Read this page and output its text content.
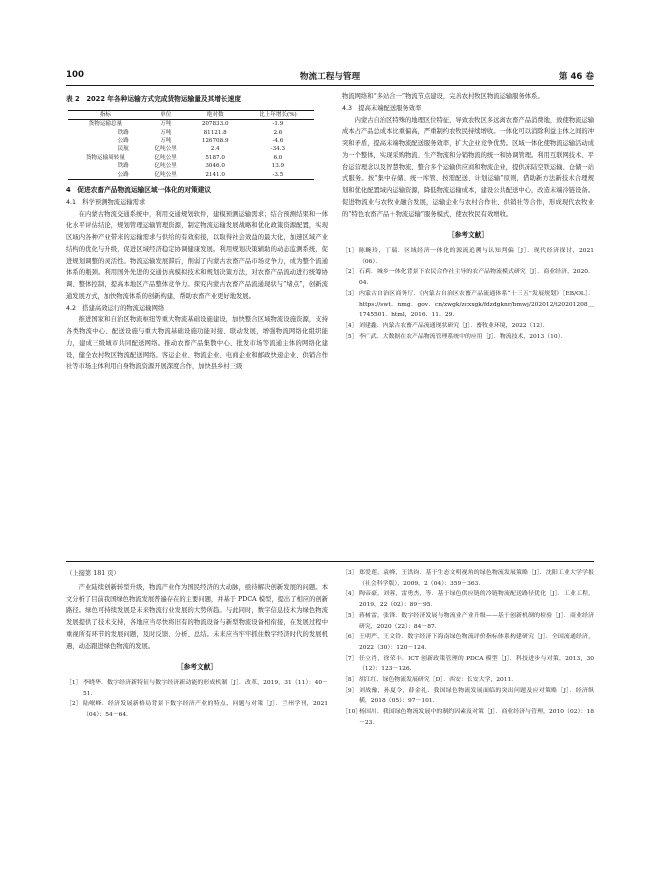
100	物流工程与管理	第 46 卷
表 2　2022 年各种运输方式完成货物运输量及其增长速度
指标	单位	绝对数	比上年增长(%)
货物运输总量	万吨	207833.0	-1.9
铁路	万吨	81121.8	2.6
公路	万吨	126708.9	-4.6
民航	亿吨公里	2.4	-34.3
货物运输周转量	亿吨公里	5187.0	6.0
铁路	亿吨公里	3046.0	13.9
公路	亿吨公里	2141.0	-3.5
4　促进农畜产品物流运输区域一体化的对策建议
4.1　科学预测物流运输需求

在内蒙古物流交通系统中，利用交通规划软件，建模预测运输需求；结合预测结果和一体化水平评估结论，规划管理运输管理资源，制定物流运输发展战略和优化政策资源配置，实现区域内各种产业带来的运输需求与供给的有效衔接，以取得社会效益的最大化，加速区域产业结构的优化与升级，促进区域经济稳定协调健康发展。利用规划决策辅助的动态监测系统，促进规划调整的灵活性。物流运输发展滞后，削弱了内蒙古农畜产品市场竞争力，成为整个流通体系的瓶颈。利用国外先进的交通仿真模拟技术和规划决策方法，对农畜产品流动进行统筹协调、整体控制，提高本地区产品整体竞争力。探究内蒙古农畜产品流通现状与“堵点”，创新流通发展方式，加快物流体系的创新构建，帮助农畜产业更好地发展。

4.2　搭建高效运行的物流运输网络

推进国家和自治区物流枢纽等重大物流基础设施建设，加快整合区域物流设施资源，支持各类物流中心、配送设施与重大物流基础设施功能对接、联动发展，增强物流网络化组织能力，建成三级城市共同配送网络。推动农畜产品集散中心、批发市场等流通主体的网络化建设，健全农村牧区物流配送网络。客运企业、物流企业、电商企业和邮政快递企业、供销合作社等市场主体利用自身物流资源开展深度合作，加快县乡村三级

物流网络和“多站合一”物流节点建设，完善农村牧区物流运输服务体系。

4.3　提高末端配送服务效率

内蒙古自治区特殊的地理区位特征，导致农牧区多远离农畜产品消费地，致使物流运输成本占产品总成本比重偏高，严重制约农牧民持续增收。一体化可以消除利益主体之间的冲突和矛盾，提高末端物流配送服务效率，扩大企业竞争优势。区域一体化使物流运输活动成为一个整体，实现采购物流、生产物流和分销物流的统一和协调管理。利用互联网技术、平台运营理念以及智慧物流，整合多个运输供应商和物流企业，提供冻陆空铁运输、仓储一站式服务。按“集中存储、统一库管、按需配送、计划运输”原则，借助新方法新技术合理规划和优化配置域内运输资源，降低物流运输成本，建设公共配送中心，改造末端冷链设备。促进物流业与农牧业融合发展，运输企业与农村合作社、供销社等合作，形成现代农牧业的“特色农畜产品＋物流运输”服务模式，使农牧民有效增收。

［参考文献］
［1］ 陈畹玲，丁瑞．区域经济一体化的源流追溯与认知判偏［J］．现代经济探讨，2021（06）．
［2］ 石莉．城乡一体化背景下农民合作社主导的农产品物流模式研究［J］．商业经济，2020．04．
［3］ 内蒙古自治区商务厅．《内蒙古自治区农畜产品流通体系“十三五”发展规划》［EB/OL］．https://swt．nmg．gov．cn/zwgk/zcxxgk/fdzdgknr/bmwj/202012/t20201208＿1745501．html，2016．11．29．
［4］ 刘建鑫．内蒙古农畜产品流通现状研究［J］．畜牧业环境，2022（12）．
［5］ 李广武．大数据在农产品物流管理系统中的应用［J］．物流技术，2013（10）．
（上接第 181 页）

产业陆续创新转型升级，物流产业作为国民经济的大动脉，亟待解决创新发展的问题。本文分析了目前我国绿色物流发展普遍存在的主要问题，并基于 PDCA 模型，提出了相应的创新路径。绿色可持续发展是未来物流行业发展的大势所趋。与此同时，数字信息技术为绿色物流发展提供了技术支持，各地应当尽快将旧有的物流设备与新型物流设备相衔接，在发展过程中重视所有环节的发展问题，及时反馈、分析、总结。未来应当牢牢抓住数字经济时代的发展机遇，动态跟进绿色物流的发展。

［参考文献］
［1］ 李晓华．数字经济新特征与数字经济新动能的形成机制［J］．改革，2019，31（11）：40－51．
［2］ 陆岷峰．经济发展新格局背景下数字经济产业的特点、问题与对策［J］．兰州学刊，2021（04）：54－64．
［3］ 郑爱莲，袁峰，王洪钧．基于生态文明视角的绿色物流发展策略［J］．沈阳工业大学学报（社会科学版），2009，2（04）：359－363．
［4］ 陶帝豪，刘蓉，雷勇杰，等．基于绿色供应链的冷链物流配送路径优化［J］．工业工程，2019，22（02）：89－95．
［5］ 蒋树雷，张锋．数字经济发展与物流业产业升级——基于创新机制的检验［J］．商业经济研究，2020（22）：84－87．
［6］ 王明严，王文铃．数字经济下海南绿色物流评价指标体系构建研究［J］．全国流通经济，2022（30）：120－124．
［7］ 任立肖，徐荣丰．ICT 创新政策管理的 PDCA 模型［J］．科技进步与对策，2013，30（12）：123－126．
［8］ 胡江红．绿色物流发展研究［D］．西安：长安大学，2011．
［9］ 刘战豫，孙夏令，薛金礼．我国绿色物流发展面临的突出问题及应对策略［J］．经济纵横，2018（05）：97－101．
［10］
杨国川．我国绿色物流发展中的制约因素及对策［J］．商业经济与管理，2010（02）：18－23．
